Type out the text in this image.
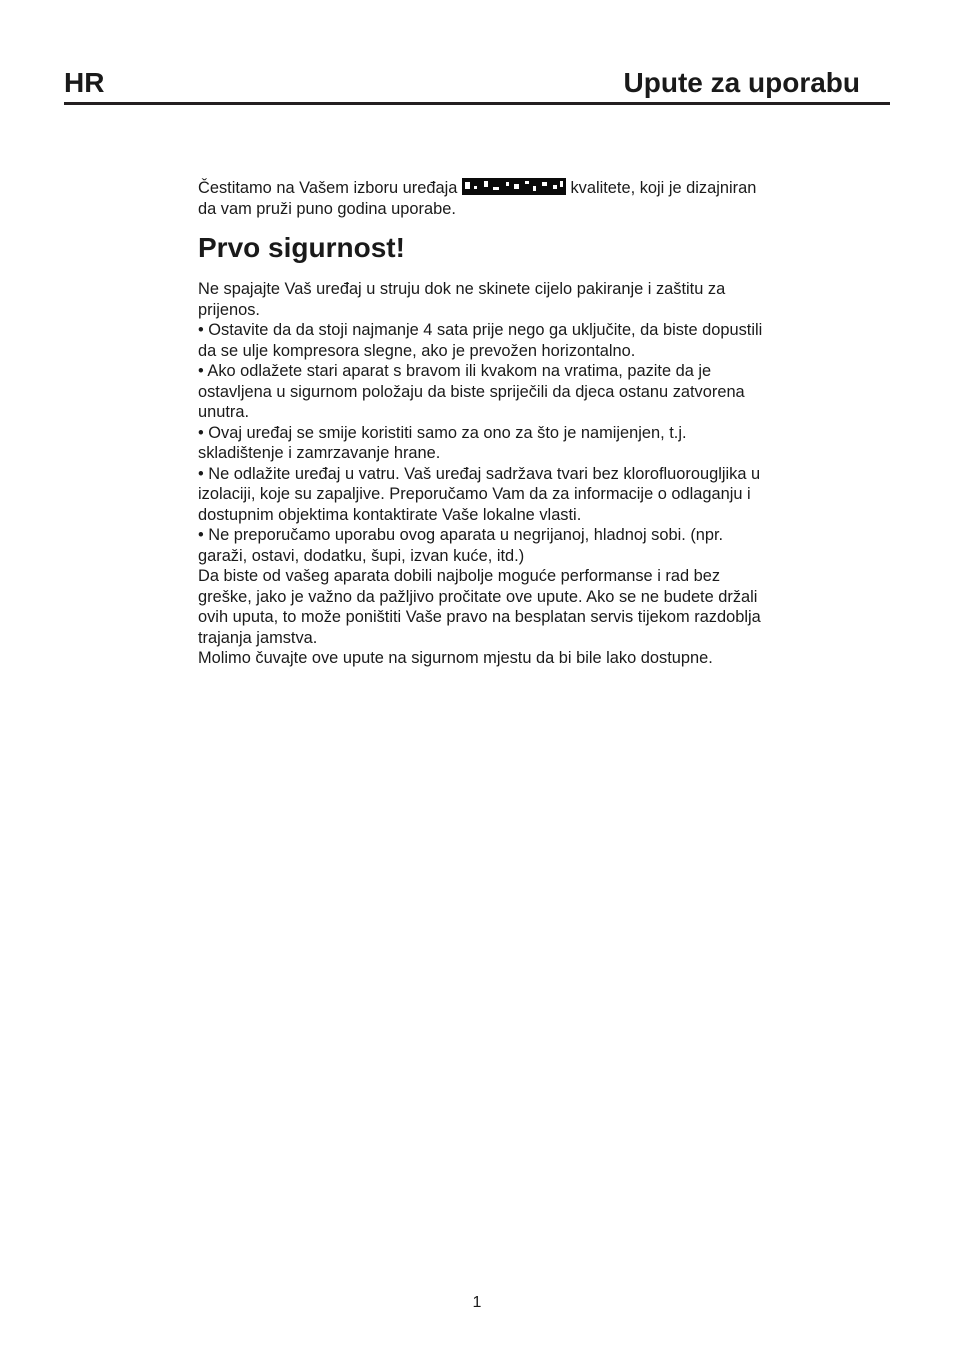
HR	Upute za uporabu

Čestitamo na Vašem izboru uređaja	kvalitete, koji je dizajniran da vam pruži puno godina uporabe.

Prvo sigurnost!

Ne spajajte Vaš uređaj u struju dok ne skinete cijelo pakiranje i zaštitu za prijenos.

• Ostavite da da stoji najmanje 4 sata prije nego ga uključite, da biste dopustili da se ulje kompresora slegne, ako je prevožen horizontalno.

• Ako odlažete stari aparat s bravom ili kvakom na vratima, pazite da je ostavljena u sigurnom položaju da biste spriječili da djeca ostanu zatvorena unutra.

• Ovaj uređaj se smije koristiti samo za ono za što je namijenjen, t.j. skladištenje i zamrzavanje hrane.

• Ne odlažite uređaj u vatru. Vaš uređaj sadržava tvari bez klorofluorougljika u izolaciji, koje su zapaljive. Preporučamo Vam da za informacije o odlaganju i dostupnim objektima kontaktirate Vaše lokalne vlasti.

• Ne preporučamo uporabu ovog aparata u negrijanoj, hladnoj sobi. (npr. garaži, ostavi, dodatku, šupi, izvan kuće, itd.)

Da biste od vašeg aparata dobili najbolje moguće performanse i rad bez greške, jako je važno da pažljivo pročitate ove upute. Ako se ne budete držali ovih uputa, to može poništiti Vaše pravo na besplatan servis tijekom razdoblja trajanja jamstva.

Molimo čuvajte ove upute na sigurnom mjestu da bi bile lako dostupne.

1
